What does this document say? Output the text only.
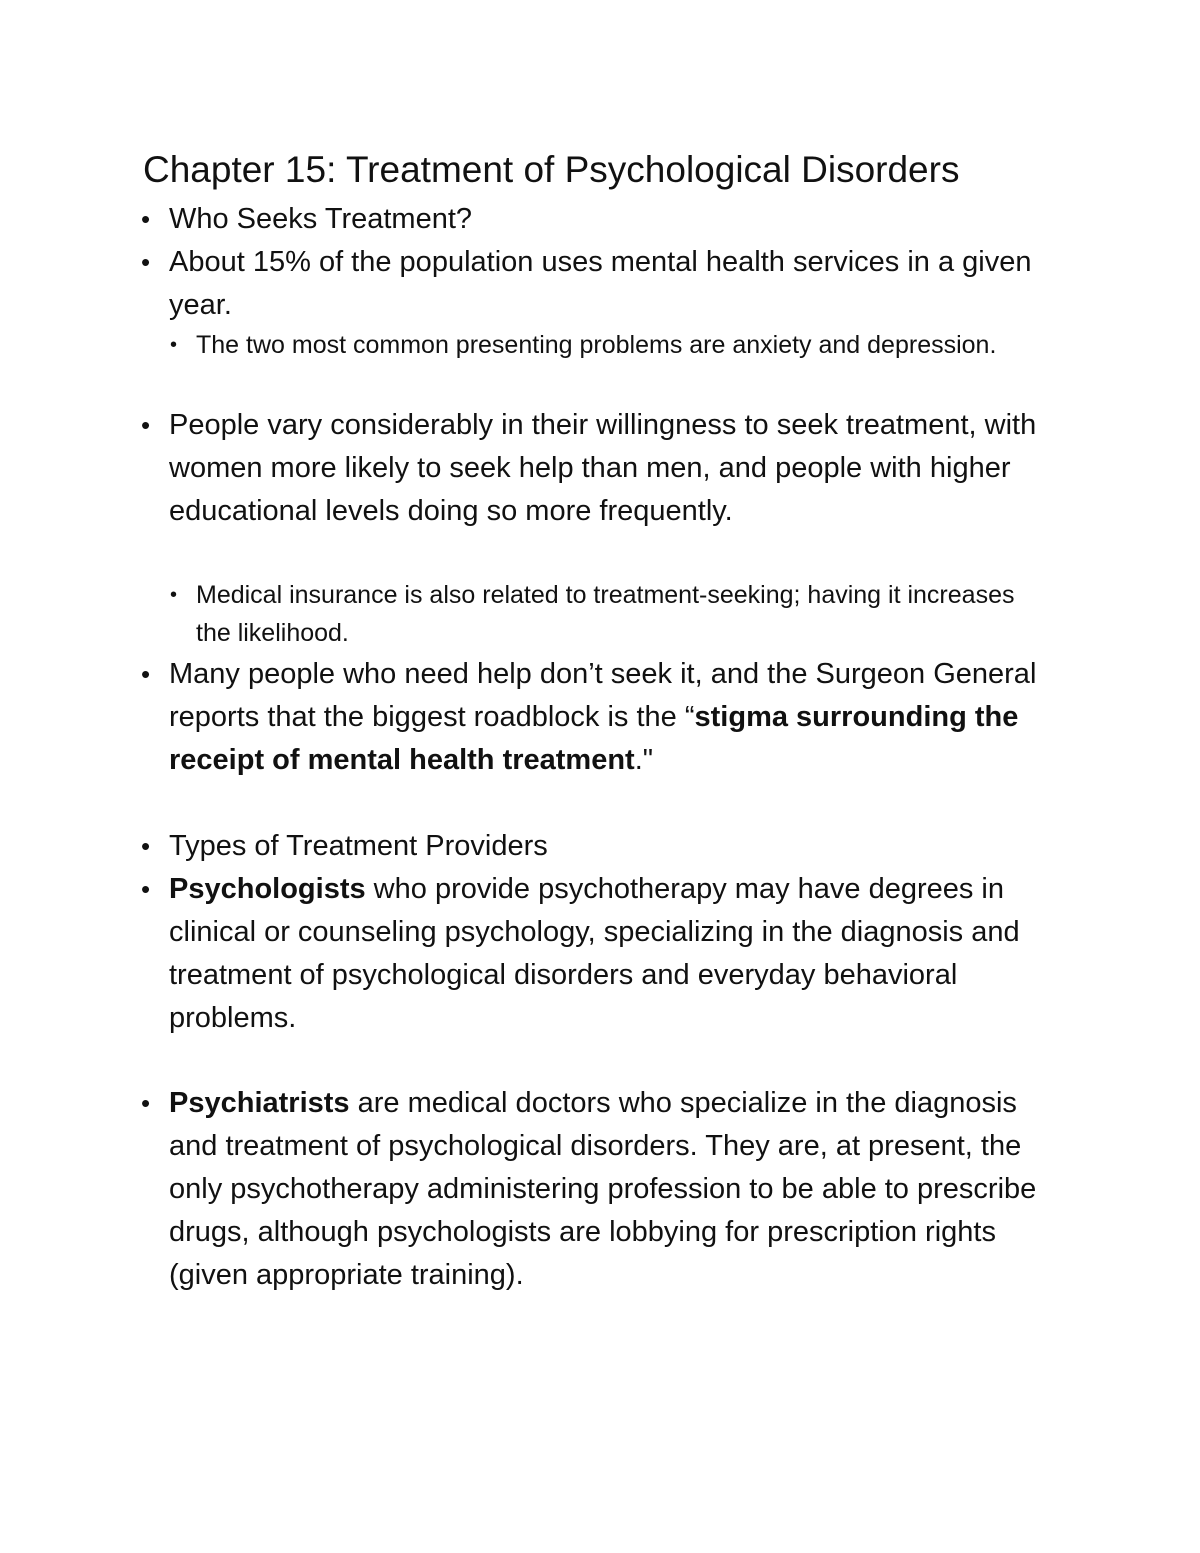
Chapter 15: Treatment of Psychological Disorders
• Who Seeks Treatment?
• About 15% of the population uses mental health services in a given year.
• The two most common presenting problems are anxiety and depression.
• People vary considerably in their willingness to seek treatment, with women more likely to seek help than men, and people with higher educational levels doing so more frequently.
• Medical insurance is also related to treatment-seeking; having it increases the likelihood.
• Many people who need help don’t seek it, and the Surgeon General reports that the biggest roadblock is the “stigma surrounding the receipt of mental health treatment."
• Types of Treatment Providers
• Psychologists who provide psychotherapy may have degrees in clinical or counseling psychology, specializing in the diagnosis and treatment of psychological disorders and everyday behavioral problems.
• Psychiatrists are medical doctors who specialize in the diagnosis and treatment of psychological disorders. They are, at present, the only psychotherapy administering profession to be able to prescribe drugs, although psychologists are lobbying for prescription rights (given appropriate training).
